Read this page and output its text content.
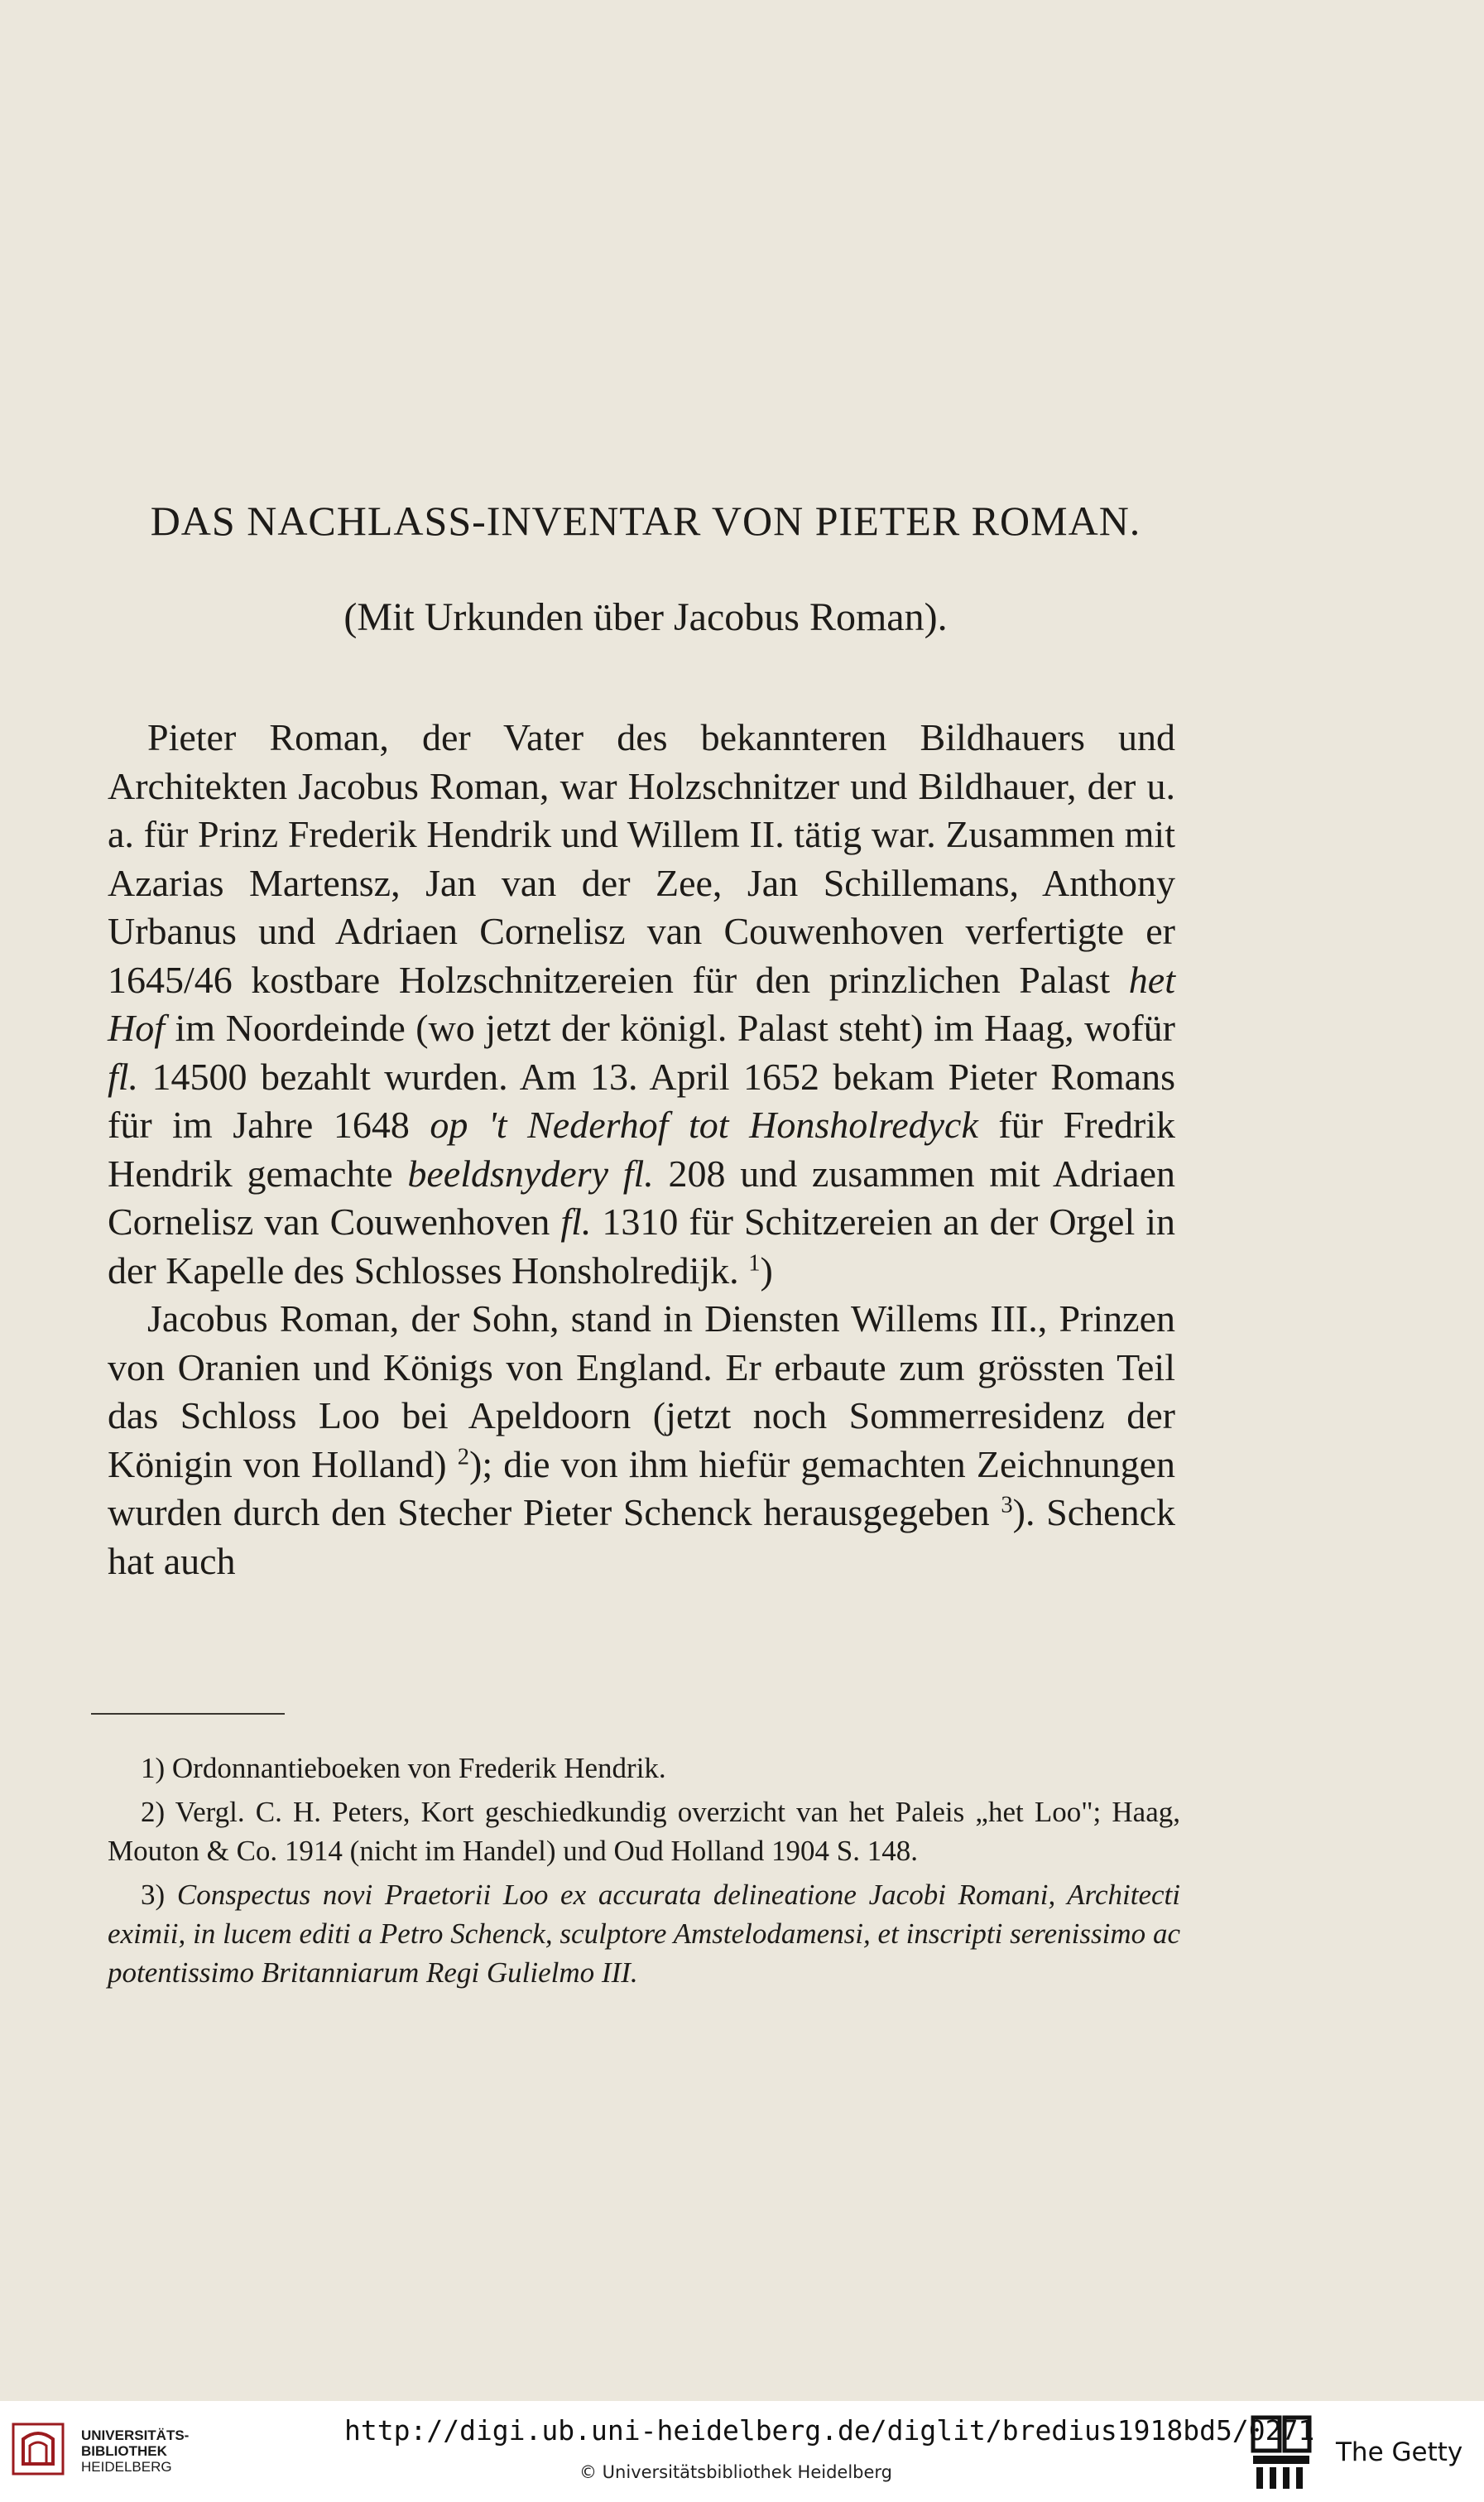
DAS NACHLASS-INVENTAR VON PIETER ROMAN.
(Mit Urkunden über Jacobus Roman).

Pieter Roman, der Vater des bekannteren Bildhauers und Architekten Jacobus Roman, war Holzschnitzer und Bildhauer, der u. a. für Prinz Frederik Hendrik und Willem II. tätig war. Zusammen mit Azarias Martensz, Jan van der Zee, Jan Schillemans, Anthony Urbanus und Adriaen Cornelisz van Couwenhoven verfertigte er 1645/46 kostbare Holzschnitzereien für den prinzlichen Palast het Hof im Noordeinde (wo jetzt der königl. Palast steht) im Haag, wofür fl. 14500 bezahlt wurden. Am 13. April 1652 bekam Pieter Romans für im Jahre 1648 op 't Nederhof tot Honsholredyck für Fredrik Hendrik gemachte beeldsnydery fl. 208 und zusammen mit Adriaen Cornelisz van Couwenhoven fl. 1310 für Schitzereien an der Orgel in der Kapelle des Schlosses Honsholredijk. $^1$)

Jacobus Roman, der Sohn, stand in Diensten Willems III., Prinzen von Oranien und Königs von England. Er erbaute zum grössten Teil das Schloss Loo bei Apeldoorn (jetzt noch Sommerresidenz der Königin von Holland) $^2$); die von ihm hiefür gemachten Zeichnungen wurden durch den Stecher Pieter Schenck herausgegeben $^3$). Schenck hat auch

1) Ordonnantieboeken von Frederik Hendrik.

2) Vergl. C. H. Peters, Kort geschiedkundig overzicht van het Paleis „het Loo"; Haag, Mouton & Co. 1914 (nicht im Handel) und Oud Holland 1904 S. 148.

3) Conspectus novi Praetorii Loo ex accurata delineatione Jacobi Romani, Architecti eximii, in lucem editi a Petro Schenck, sculptore Amstelodamensi, et inscripti serenissimo ac potentissimo Britanniarum Regi Gulielmo III.

UNIVERSITÄTS-
BIBLIOTHEK
HEIDELBERG
http://digi.ub.uni-heidelberg.de/diglit/bredius1918bd5/0271
© Universitätsbibliothek Heidelberg
The Getty
